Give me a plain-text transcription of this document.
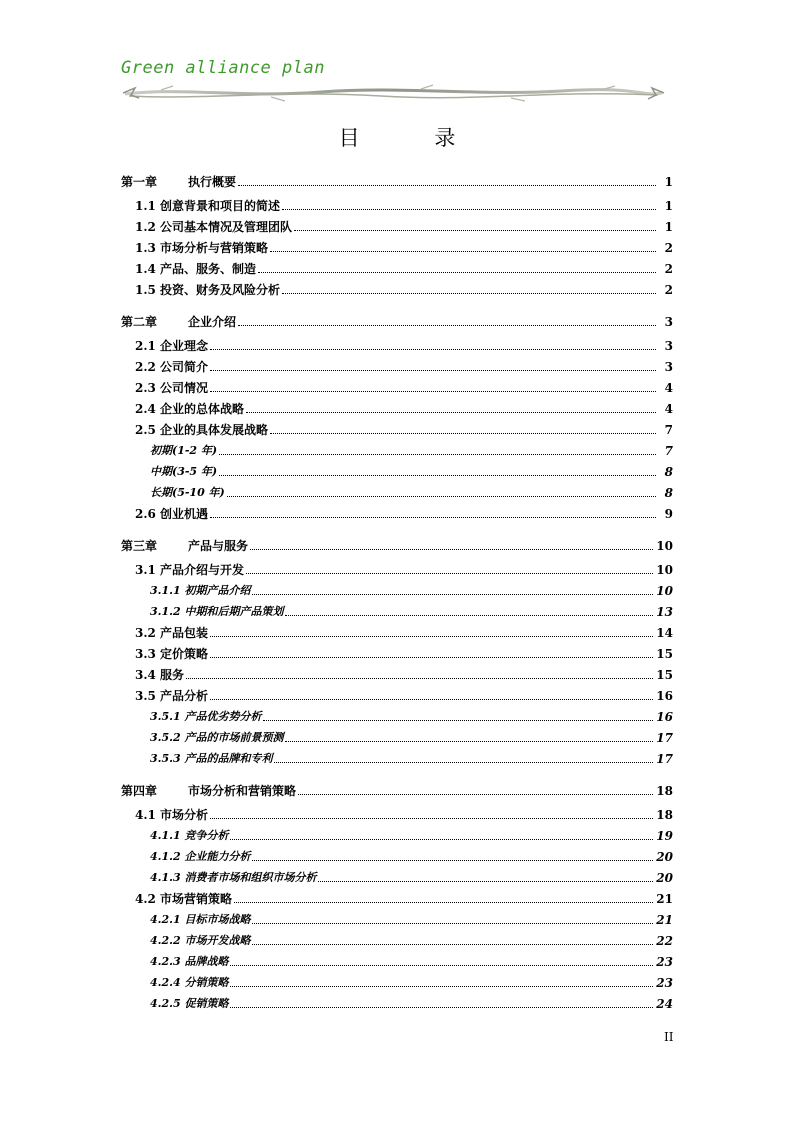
Green alliance plan
目 录
第一章	执行概要	1
1.1 创意背景和项目的简述	1
1.2 公司基本情况及管理团队	1
1.3 市场分析与营销策略	2
1.4 产品、服务、制造	2
1.5 投资、财务及风险分析	2
第二章	企业介绍	3
2.1 企业理念	3
2.2 公司简介	3
2.3 公司情况	4
2.4 企业的总体战略	4
2.5 企业的具体发展战略	7
初期(1-2 年)	7
中期(3-5 年)	8
长期(5-10 年)	8
2.6 创业机遇	9
第三章	产品与服务	10
3.1 产品介绍与开发	10
3.1.1 初期产品介绍	10
3.1.2 中期和后期产品策划	13
3.2 产品包装	14
3.3 定价策略	15
3.4 服务	15
3.5 产品分析	16
3.5.1 产品优劣势分析	16
3.5.2 产品的市场前景预测	17
3.5.3 产品的品牌和专利	17
第四章	市场分析和营销策略	18
4.1 市场分析	18
4.1.1 竞争分析	19
4.1.2 企业能力分析	20
4.1.3 消费者市场和组织市场分析	20
4.2 市场营销策略	21
4.2.1 目标市场战略	21
4.2.2 市场开发战略	22
4.2.3 品牌战略	23
4.2.4 分销策略	23
4.2.5 促销策略	24
II
